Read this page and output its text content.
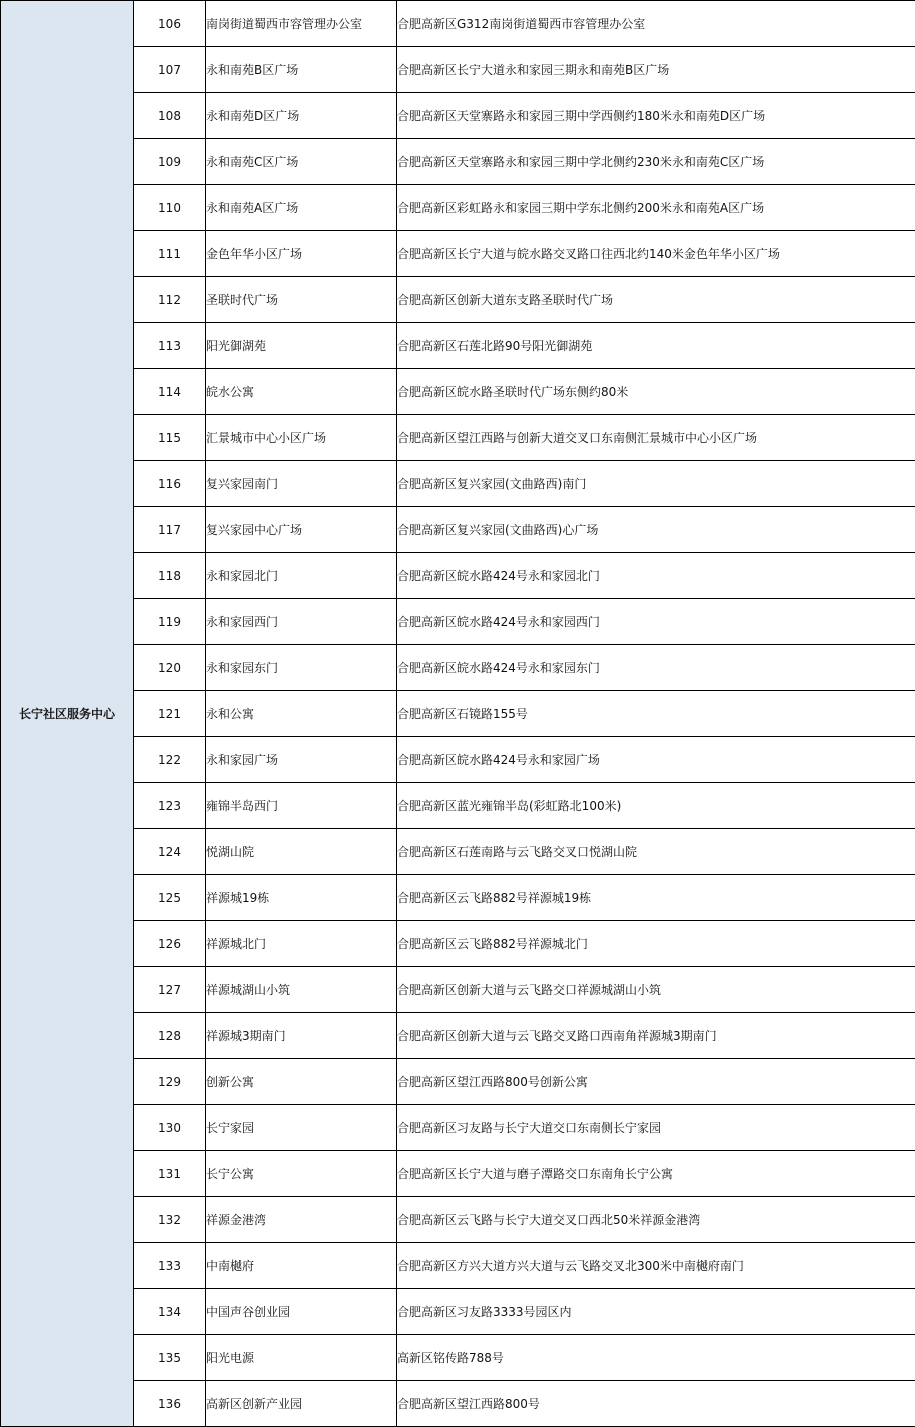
长宁社区服务中心	106	南岗街道蜀西市容管理办公室	合肥高新区G312南岗街道蜀西市容管理办公室
	107	永和南苑B区广场	合肥高新区长宁大道永和家园三期永和南苑B区广场
	108	永和南苑D区广场	合肥高新区天堂寨路永和家园三期中学西侧约180米永和南苑D区广场
	109	永和南苑C区广场	合肥高新区天堂寨路永和家园三期中学北侧约230米永和南苑C区广场
	110	永和南苑A区广场	合肥高新区彩虹路永和家园三期中学东北侧约200米永和南苑A区广场
	111	金色年华小区广场	合肥高新区长宁大道与皖水路交叉路口往西北约140米金色年华小区广场
	112	圣联时代广场	合肥高新区创新大道东支路圣联时代广场
	113	阳光御湖苑	合肥高新区石莲北路90号阳光御湖苑
	114	皖水公寓	合肥高新区皖水路圣联时代广场东侧约80米
	115	汇景城市中心小区广场	合肥高新区望江西路与创新大道交叉口东南侧汇景城市中心小区广场
	116	复兴家园南门	合肥高新区复兴家园(文曲路西)南门
	117	复兴家园中心广场	合肥高新区复兴家园(文曲路西)心广场
	118	永和家园北门	合肥高新区皖水路424号永和家园北门
	119	永和家园西门	合肥高新区皖水路424号永和家园西门
	120	永和家园东门	合肥高新区皖水路424号永和家园东门
	121	永和公寓	合肥高新区石镜路155号
	122	永和家园广场	合肥高新区皖水路424号永和家园广场
	123	雍锦半岛西门	合肥高新区蓝光雍锦半岛(彩虹路北100米)
	124	悦湖山院	合肥高新区石莲南路与云飞路交叉口悦湖山院
	125	祥源城19栋	合肥高新区云飞路882号祥源城19栋
	126	祥源城北门	合肥高新区云飞路882号祥源城北门
	127	祥源城湖山小筑	合肥高新区创新大道与云飞路交口祥源城湖山小筑
	128	祥源城3期南门	合肥高新区创新大道与云飞路交叉路口西南角祥源城3期南门
	129	创新公寓	合肥高新区望江西路800号创新公寓
	130	长宁家园	合肥高新区习友路与长宁大道交口东南侧长宁家园
	131	长宁公寓	合肥高新区长宁大道与磨子潭路交口东南角长宁公寓
	132	祥源金港湾	合肥高新区云飞路与长宁大道交叉口西北50米祥源金港湾
	133	中南樾府	合肥高新区方兴大道方兴大道与云飞路交叉北300米中南樾府南门
	134	中国声谷创业园	合肥高新区习友路3333号园区内
	135	阳光电源	高新区铭传路788号
	136	高新区创新产业园	合肥高新区望江西路800号
